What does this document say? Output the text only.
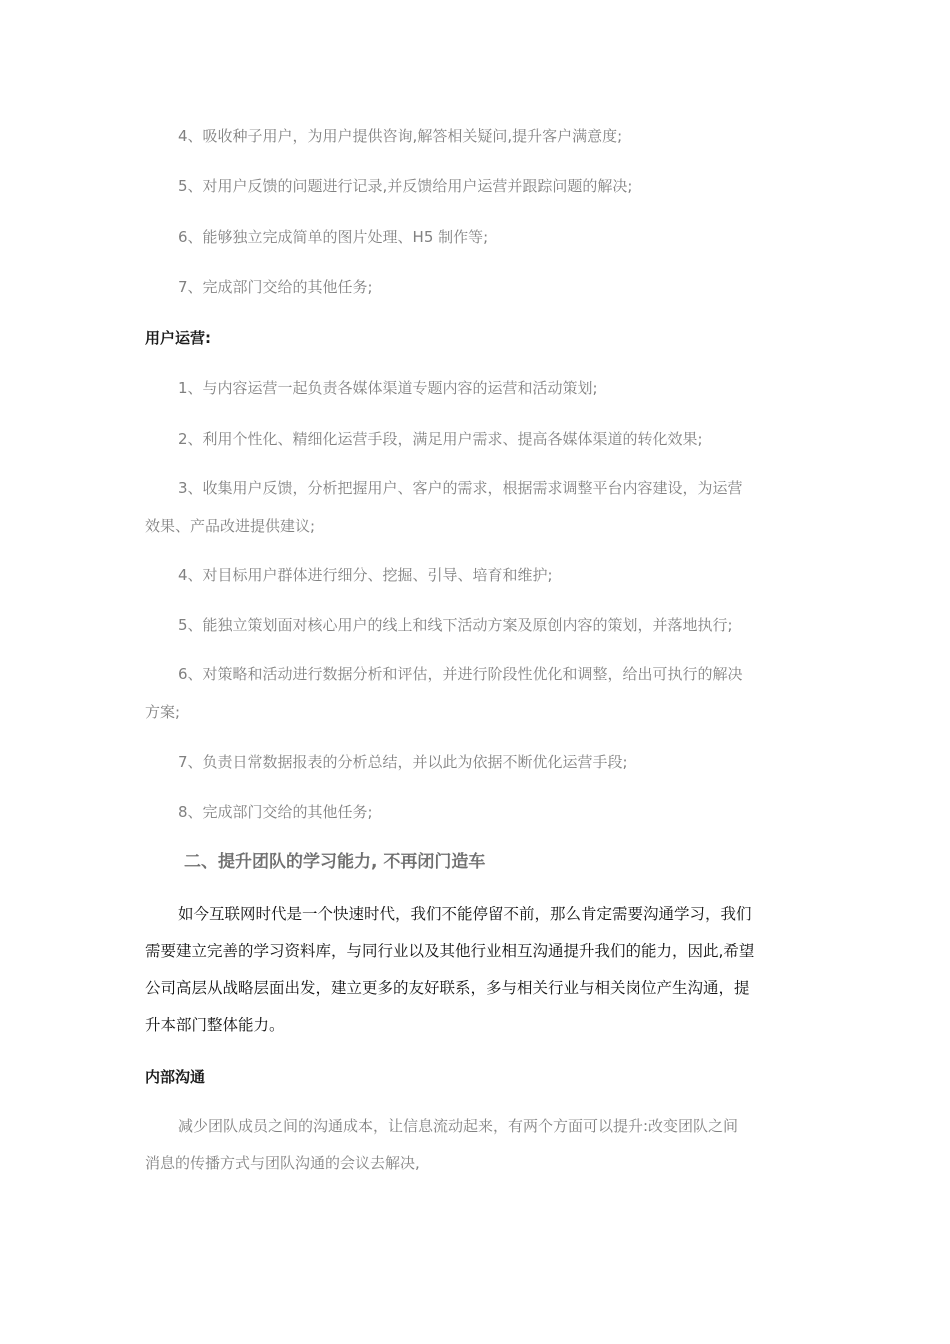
4、吸收种子用户，为用户提供咨询,解答相关疑问,提升客户满意度;
5、对用户反馈的问题进行记录,并反馈给用户运营并跟踪问题的解决;
6、能够独立完成简单的图片处理、H5 制作等;
7、完成部门交给的其他任务;
用户运营:
1、与内容运营一起负责各媒体渠道专题内容的运营和活动策划;
2、利用个性化、精细化运营手段，满足用户需求、提高各媒体渠道的转化效果;
3、收集用户反馈，分析把握用户、客户的需求，根据需求调整平台内容建设，为运营
效果、产品改进提供建议;
4、对目标用户群体进行细分、挖掘、引导、培育和维护;
5、能独立策划面对核心用户的线上和线下活动方案及原创内容的策划，并落地执行;
6、对策略和活动进行数据分析和评估，并进行阶段性优化和调整，给出可执行的解决
方案;
7、负责日常数据报表的分析总结，并以此为依据不断优化运营手段;
8、完成部门交给的其他任务;
二、提升团队的学习能力, 不再闭门造车
如今互联网时代是一个快速时代，我们不能停留不前，那么肯定需要沟通学习，我们
需要建立完善的学习资料库，与同行业以及其他行业相互沟通提升我们的能力，因此,希望
公司高层从战略层面出发，建立更多的友好联系，多与相关行业与相关岗位产生沟通，提
升本部门整体能力。
内部沟通
减少团队成员之间的沟通成本，让信息流动起来，有两个方面可以提升:改变团队之间
消息的传播方式与团队沟通的会议去解决,
